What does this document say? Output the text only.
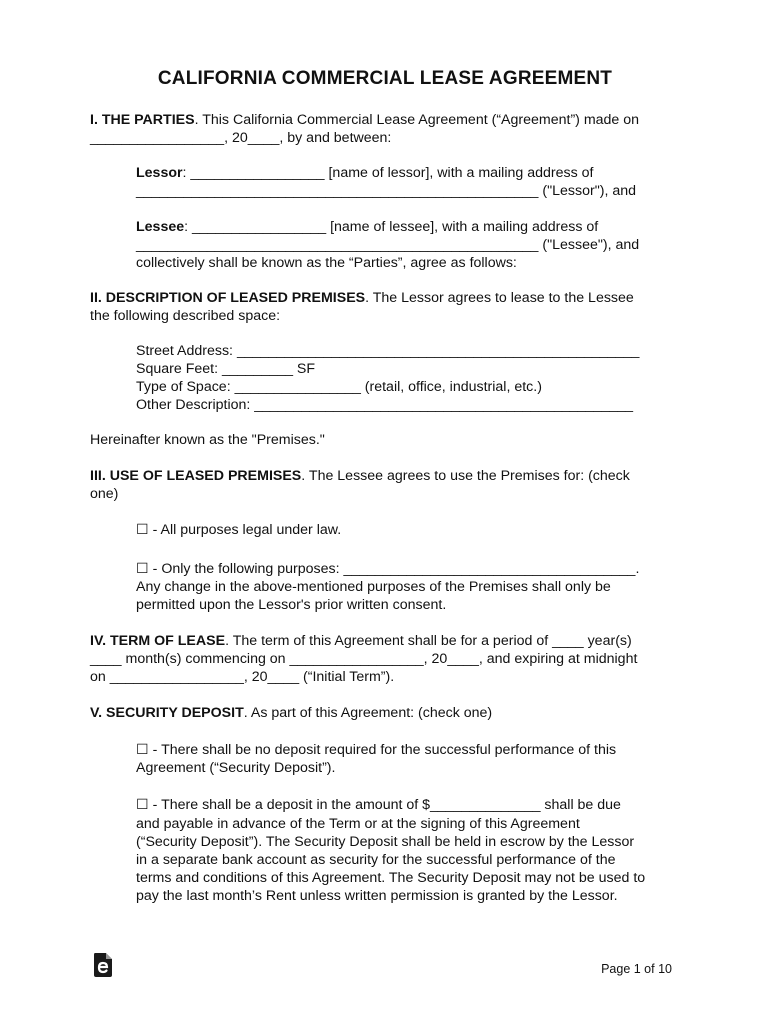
CALIFORNIA COMMERCIAL LEASE AGREEMENT
I. THE PARTIES. This California Commercial Lease Agreement (“Agreement”) made on
_________________, 20____, by and between:
Lessor: _________________ [name of lessor], with a mailing address of
___________________________________________________ ("Lessor"), and
Lessee: _________________ [name of lessee], with a mailing address of
___________________________________________________ ("Lessee"), and
collectively shall be known as the “Parties”, agree as follows:
II. DESCRIPTION OF LEASED PREMISES. The Lessor agrees to lease to the Lessee
the following described space:
Street Address: ___________________________________________________
Square Feet: _________ SF
Type of Space: ________________ (retail, office, industrial, etc.)
Other Description: ________________________________________________
Hereinafter known as the "Premises."
III. USE OF LEASED PREMISES. The Lessee agrees to use the Premises for: (check
one)
☐ - All purposes legal under law.
☐ - Only the following purposes: _____________________________________.
Any change in the above-mentioned purposes of the Premises shall only be
permitted upon the Lessor's prior written consent.
IV. TERM OF LEASE. The term of this Agreement shall be for a period of ____ year(s)
____ month(s) commencing on _________________, 20____, and expiring at midnight
on _________________, 20____ (“Initial Term”).
V. SECURITY DEPOSIT. As part of this Agreement: (check one)
☐ - There shall be no deposit required for the successful performance of this
Agreement (“Security Deposit”).
☐ - There shall be a deposit in the amount of $______________ shall be due
and payable in advance of the Term or at the signing of this Agreement
(“Security Deposit”). The Security Deposit shall be held in escrow by the Lessor
in a separate bank account as security for the successful performance of the
terms and conditions of this Agreement. The Security Deposit may not be used to
pay the last month’s Rent unless written permission is granted by the Lessor.
Page 1 of 10
